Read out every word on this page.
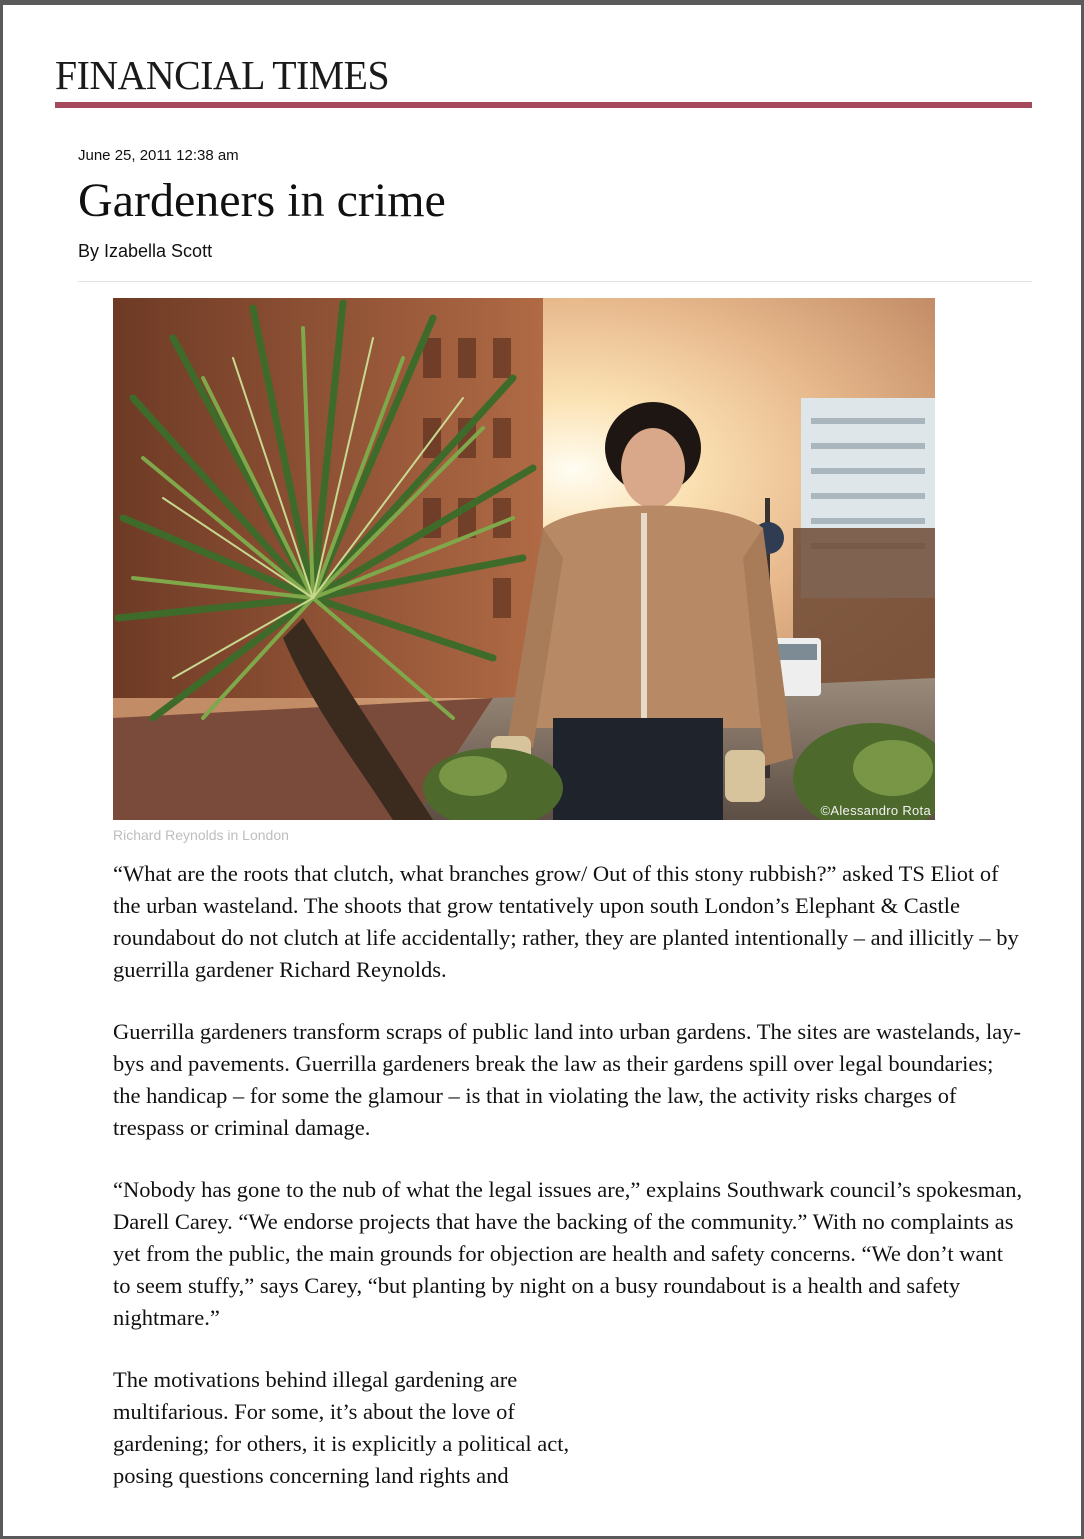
FINANCIAL TIMES
June 25, 2011 12:38 am
Gardeners in crime
By Izabella Scott
©Alessandro Rota
Richard Reynolds in London

“What are the roots that clutch, what branches grow/ Out of this stony rubbish?” asked TS Eliot of the urban wasteland. The shoots that grow tentatively upon south London’s Elephant & Castle roundabout do not clutch at life accidentally; rather, they are planted intentionally – and illicitly – by guerrilla gardener Richard Reynolds.

Guerrilla gardeners transform scraps of public land into urban gardens. The sites are wastelands, lay-bys and pavements. Guerrilla gardeners break the law as their gardens spill over legal boundaries; the handicap – for some the glamour – is that in violating the law, the activity risks charges of trespass or criminal damage.

“Nobody has gone to the nub of what the legal issues are,” explains Southwark council’s spokesman, Darell Carey. “We endorse projects that have the backing of the community.” With no complaints as yet from the public, the main grounds for objection are health and safety concerns. “We don’t want to seem stuffy,” says Carey, “but planting by night on a busy roundabout is a health and safety nightmare.”

The motivations behind illegal gardening are multifarious. For some, it’s about the love of gardening; for others, it is explicitly a political act, posing questions concerning land rights and
